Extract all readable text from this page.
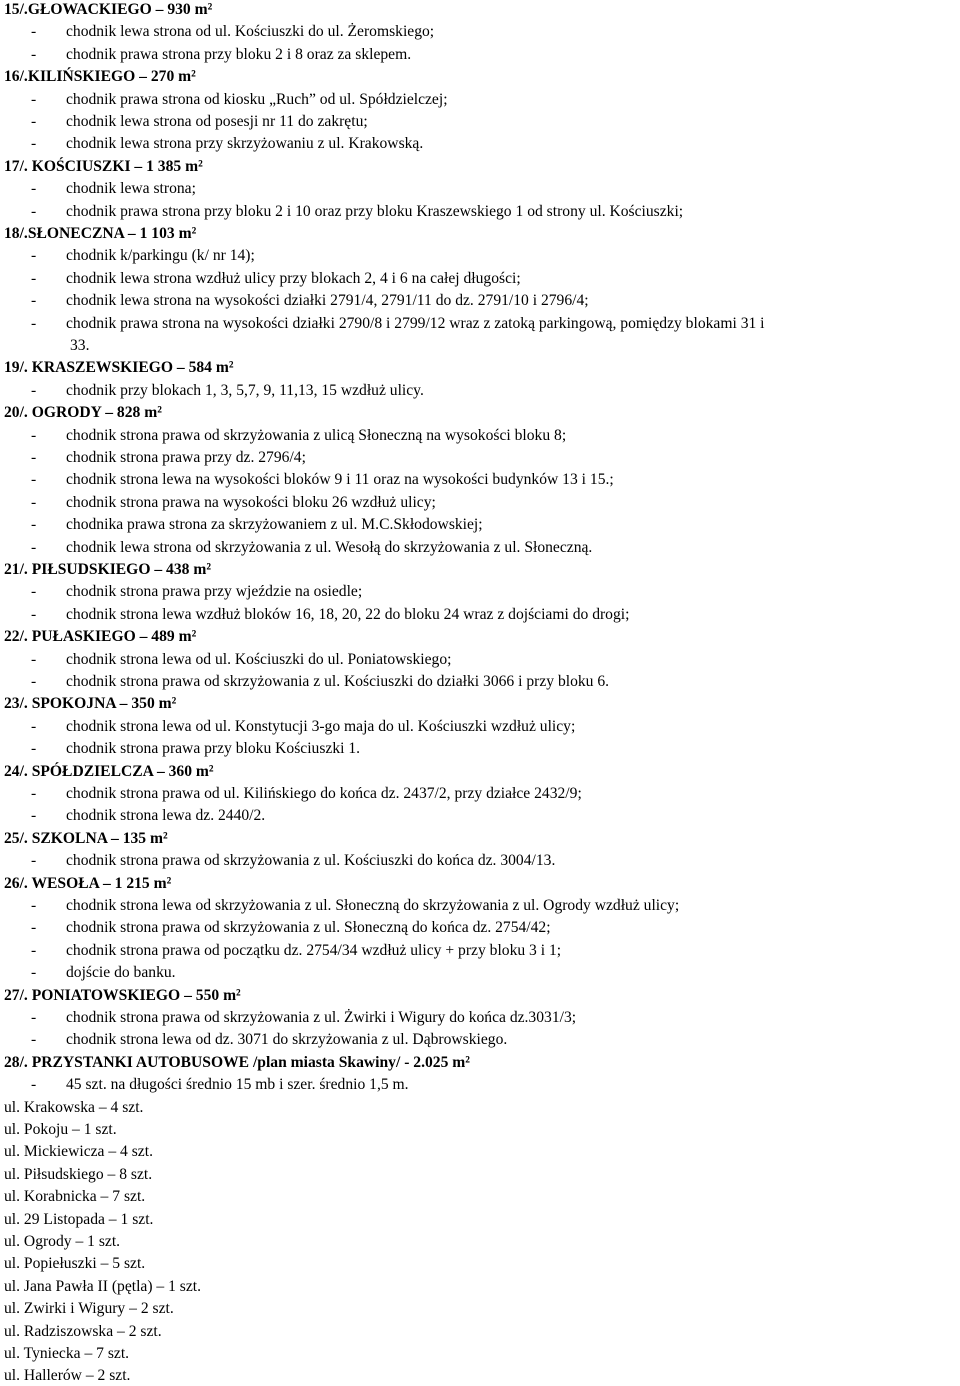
15/.GŁOWACKIEGO – 930 m²
- chodnik lewa strona od ul. Kościuszki do ul. Żeromskiego;
- chodnik prawa strona przy bloku 2 i 8 oraz za sklepem.
16/.KILIŃSKIEGO – 270 m²
- chodnik prawa strona od kiosku „Ruch” od ul. Spółdzielczej;
- chodnik lewa strona od posesji nr 11 do zakrętu;
- chodnik lewa strona przy skrzyżowaniu z ul. Krakowską.
17/. KOŚCIUSZKI – 1 385 m²
- chodnik lewa strona;
- chodnik prawa strona przy bloku 2 i 10 oraz przy bloku Kraszewskiego 1 od strony ul. Kościuszki;
18/.SŁONECZNA – 1 103 m²
- chodnik k/parkingu (k/ nr 14);
- chodnik lewa strona wzdłuż ulicy przy blokach 2, 4 i 6 na całej długości;
- chodnik lewa strona na wysokości działki 2791/4, 2791/11 do dz. 2791/10 i 2796/4;
- chodnik prawa strona na wysokości działki 2790/8 i 2799/12 wraz z zatoką parkingową, pomiędzy blokami 31 i
33.
19/. KRASZEWSKIEGO – 584 m²
- chodnik przy blokach 1, 3, 5,7, 9, 11,13, 15 wzdłuż ulicy.
20/. OGRODY – 828 m²
- chodnik strona prawa od skrzyżowania z ulicą Słoneczną na wysokości bloku 8;
- chodnik strona prawa przy dz. 2796/4;
- chodnik strona lewa na wysokości bloków 9 i 11 oraz na wysokości budynków 13 i 15.;
- chodnik strona prawa na wysokości bloku 26 wzdłuż ulicy;
- chodnika prawa strona za skrzyżowaniem z ul. M.C.Skłodowskiej;
- chodnik lewa strona od skrzyżowania z ul. Wesołą do skrzyżowania z ul. Słoneczną.
21/. PIŁSUDSKIEGO – 438 m²
- chodnik strona prawa przy wjeździe na osiedle;
- chodnik strona lewa wzdłuż bloków 16, 18, 20, 22 do bloku 24 wraz z dojściami do drogi;
22/. PUŁASKIEGO – 489 m²
- chodnik strona lewa od ul. Kościuszki do ul. Poniatowskiego;
- chodnik strona prawa od skrzyżowania z ul. Kościuszki do działki 3066 i przy bloku 6.
23/. SPOKOJNA – 350 m²
- chodnik strona lewa od ul. Konstytucji 3-go maja do ul. Kościuszki wzdłuż ulicy;
- chodnik strona prawa przy bloku Kościuszki 1.
24/. SPÓŁDZIELCZA – 360 m²
- chodnik strona prawa od ul. Kilińskiego do końca dz. 2437/2, przy działce 2432/9;
- chodnik strona lewa dz. 2440/2.
25/. SZKOLNA – 135 m²
- chodnik strona prawa od skrzyżowania z ul. Kościuszki do końca dz. 3004/13.
26/. WESOŁA – 1 215 m²
- chodnik strona lewa od skrzyżowania z ul. Słoneczną do skrzyżowania z ul. Ogrody wzdłuż ulicy;
- chodnik strona prawa od skrzyżowania z ul. Słoneczną do końca dz. 2754/42;
- chodnik strona prawa od początku dz. 2754/34 wzdłuż ulicy + przy bloku 3 i 1;
- dojście do banku.
27/. PONIATOWSKIEGO – 550 m²
- chodnik strona prawa od skrzyżowania z ul. Żwirki i Wigury do końca dz.3031/3;
- chodnik strona lewa od dz. 3071 do skrzyżowania z ul. Dąbrowskiego.
28/. PRZYSTANKI AUTOBUSOWE /plan miasta Skawiny/ - 2.025 m²
- 45 szt. na długości średnio 15 mb i szer. średnio 1,5 m.
ul. Krakowska – 4 szt.
ul. Pokoju – 1 szt.
ul. Mickiewicza – 4 szt.
ul. Piłsudskiego – 8 szt.
ul. Korabnicka – 7 szt.
ul. 29 Listopada – 1 szt.
ul. Ogrody – 1 szt.
ul. Popiełuszki – 5 szt.
ul. Jana Pawła II (pętla) – 1 szt.
ul. Zwirki i Wigury – 2 szt.
ul. Radziszowska – 2 szt.
ul. Tyniecka – 7 szt.
ul. Hallerów – 2 szt.
